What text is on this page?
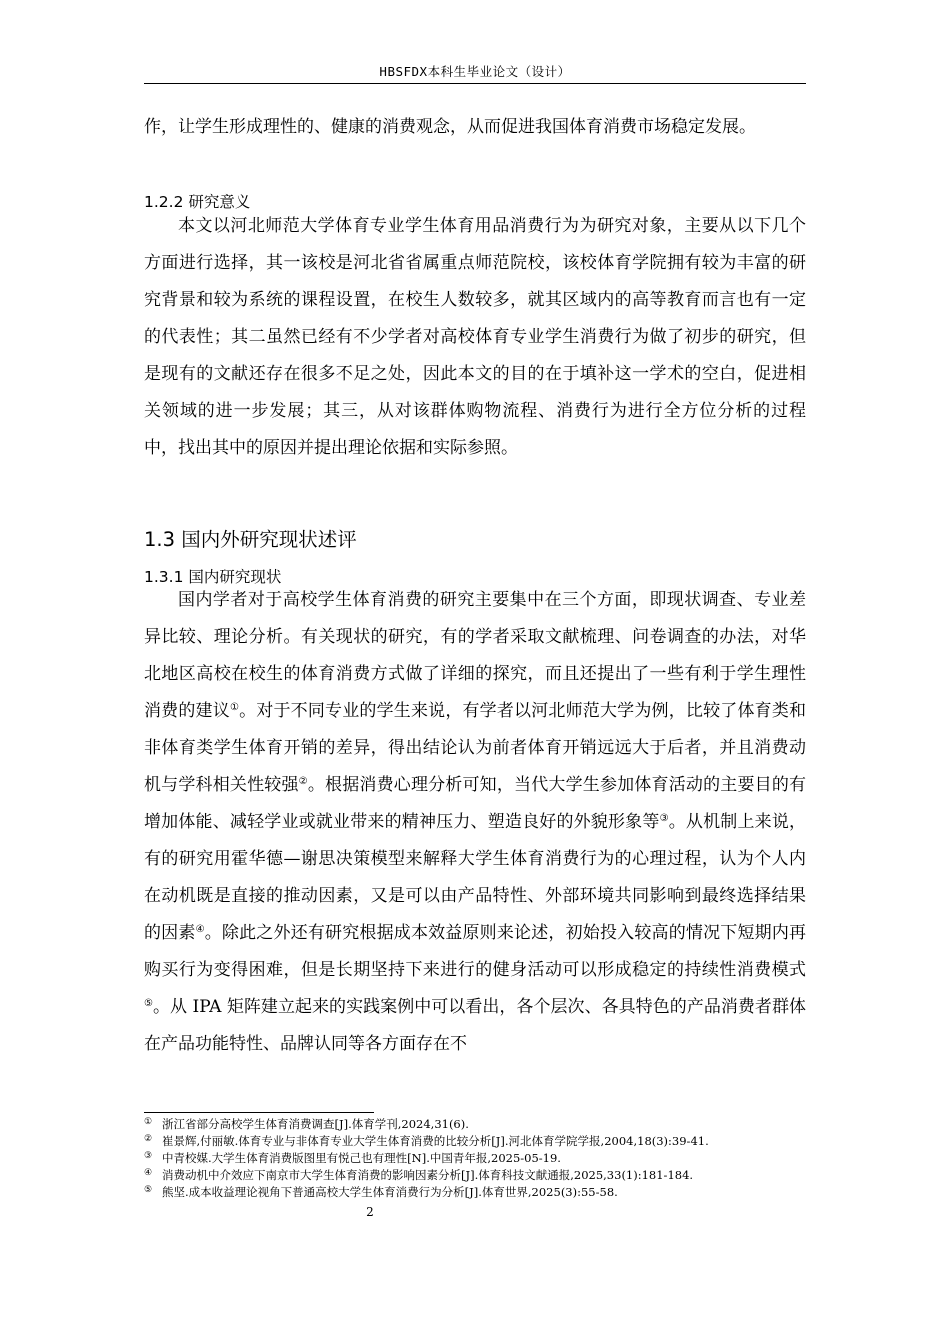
HBSFDX本科生毕业论文（设计）

作，让学生形成理性的、健康的消费观念，从而促进我国体育消费市场稳定发展。

1.2.2 研究意义

本文以河北师范大学体育专业学生体育用品消费行为为研究对象，主要从以下几个方面进行选择，其一该校是河北省省属重点师范院校，该校体育学院拥有较为丰富的研究背景和较为系统的课程设置，在校生人数较多，就其区域内的高等教育而言也有一定的代表性；其二虽然已经有不少学者对高校体育专业学生消费行为做了初步的研究，但是现有的文献还存在很多不足之处，因此本文的目的在于填补这一学术的空白，促进相关领域的进一步发展；其三，从对该群体购物流程、消费行为进行全方位分析的过程中，找出其中的原因并提出理论依据和实际参照。

1.3 国内外研究现状述评
1.3.1 国内研究现状

国内学者对于高校学生体育消费的研究主要集中在三个方面，即现状调查、专业差异比较、理论分析。有关现状的研究，有的学者采取文献梳理、问卷调查的办法，对华北地区高校在校生的体育消费方式做了详细的探究，而且还提出了一些有利于学生理性消费的建议①。对于不同专业的学生来说，有学者以河北师范大学为例，比较了体育类和非体育类学生体育开销的差异，得出结论认为前者体育开销远远大于后者，并且消费动机与学科相关性较强②。根据消费心理分析可知，当代大学生参加体育活动的主要目的有增加体能、减轻学业或就业带来的精神压力、塑造良好的外貌形象等③。从机制上来说，有的研究用霍华德—谢思决策模型来解释大学生体育消费行为的心理过程，认为个人内在动机既是直接的推动因素，又是可以由产品特性、外部环境共同影响到最终选择结果的因素④。除此之外还有研究根据成本效益原则来论述，初始投入较高的情况下短期内再购买行为变得困难，但是长期坚持下来进行的健身活动可以形成稳定的持续性消费模式⑤。从 IPA 矩阵建立起来的实践案例中可以看出，各个层次、各具特色的产品消费者群体在产品功能特性、品牌认同等各方面存在不

① 浙江省部分高校学生体育消费调查[J].体育学刊,2024,31(6).
② 崔景辉,付丽敏.体育专业与非体育专业大学生体育消费的比较分析[J].河北体育学院学报,2004,18(3):39-41.
③ 中青校媒.大学生体育消费版图里有悦己也有理性[N].中国青年报,2025-05-19.
④ 消费动机中介效应下南京市大学生体育消费的影响因素分析[J].体育科技文献通报,2025,33(1):181-184.
⑤ 熊坚.成本收益理论视角下普通高校大学生体育消费行为分析[J].体育世界,2025(3):55-58.
2
